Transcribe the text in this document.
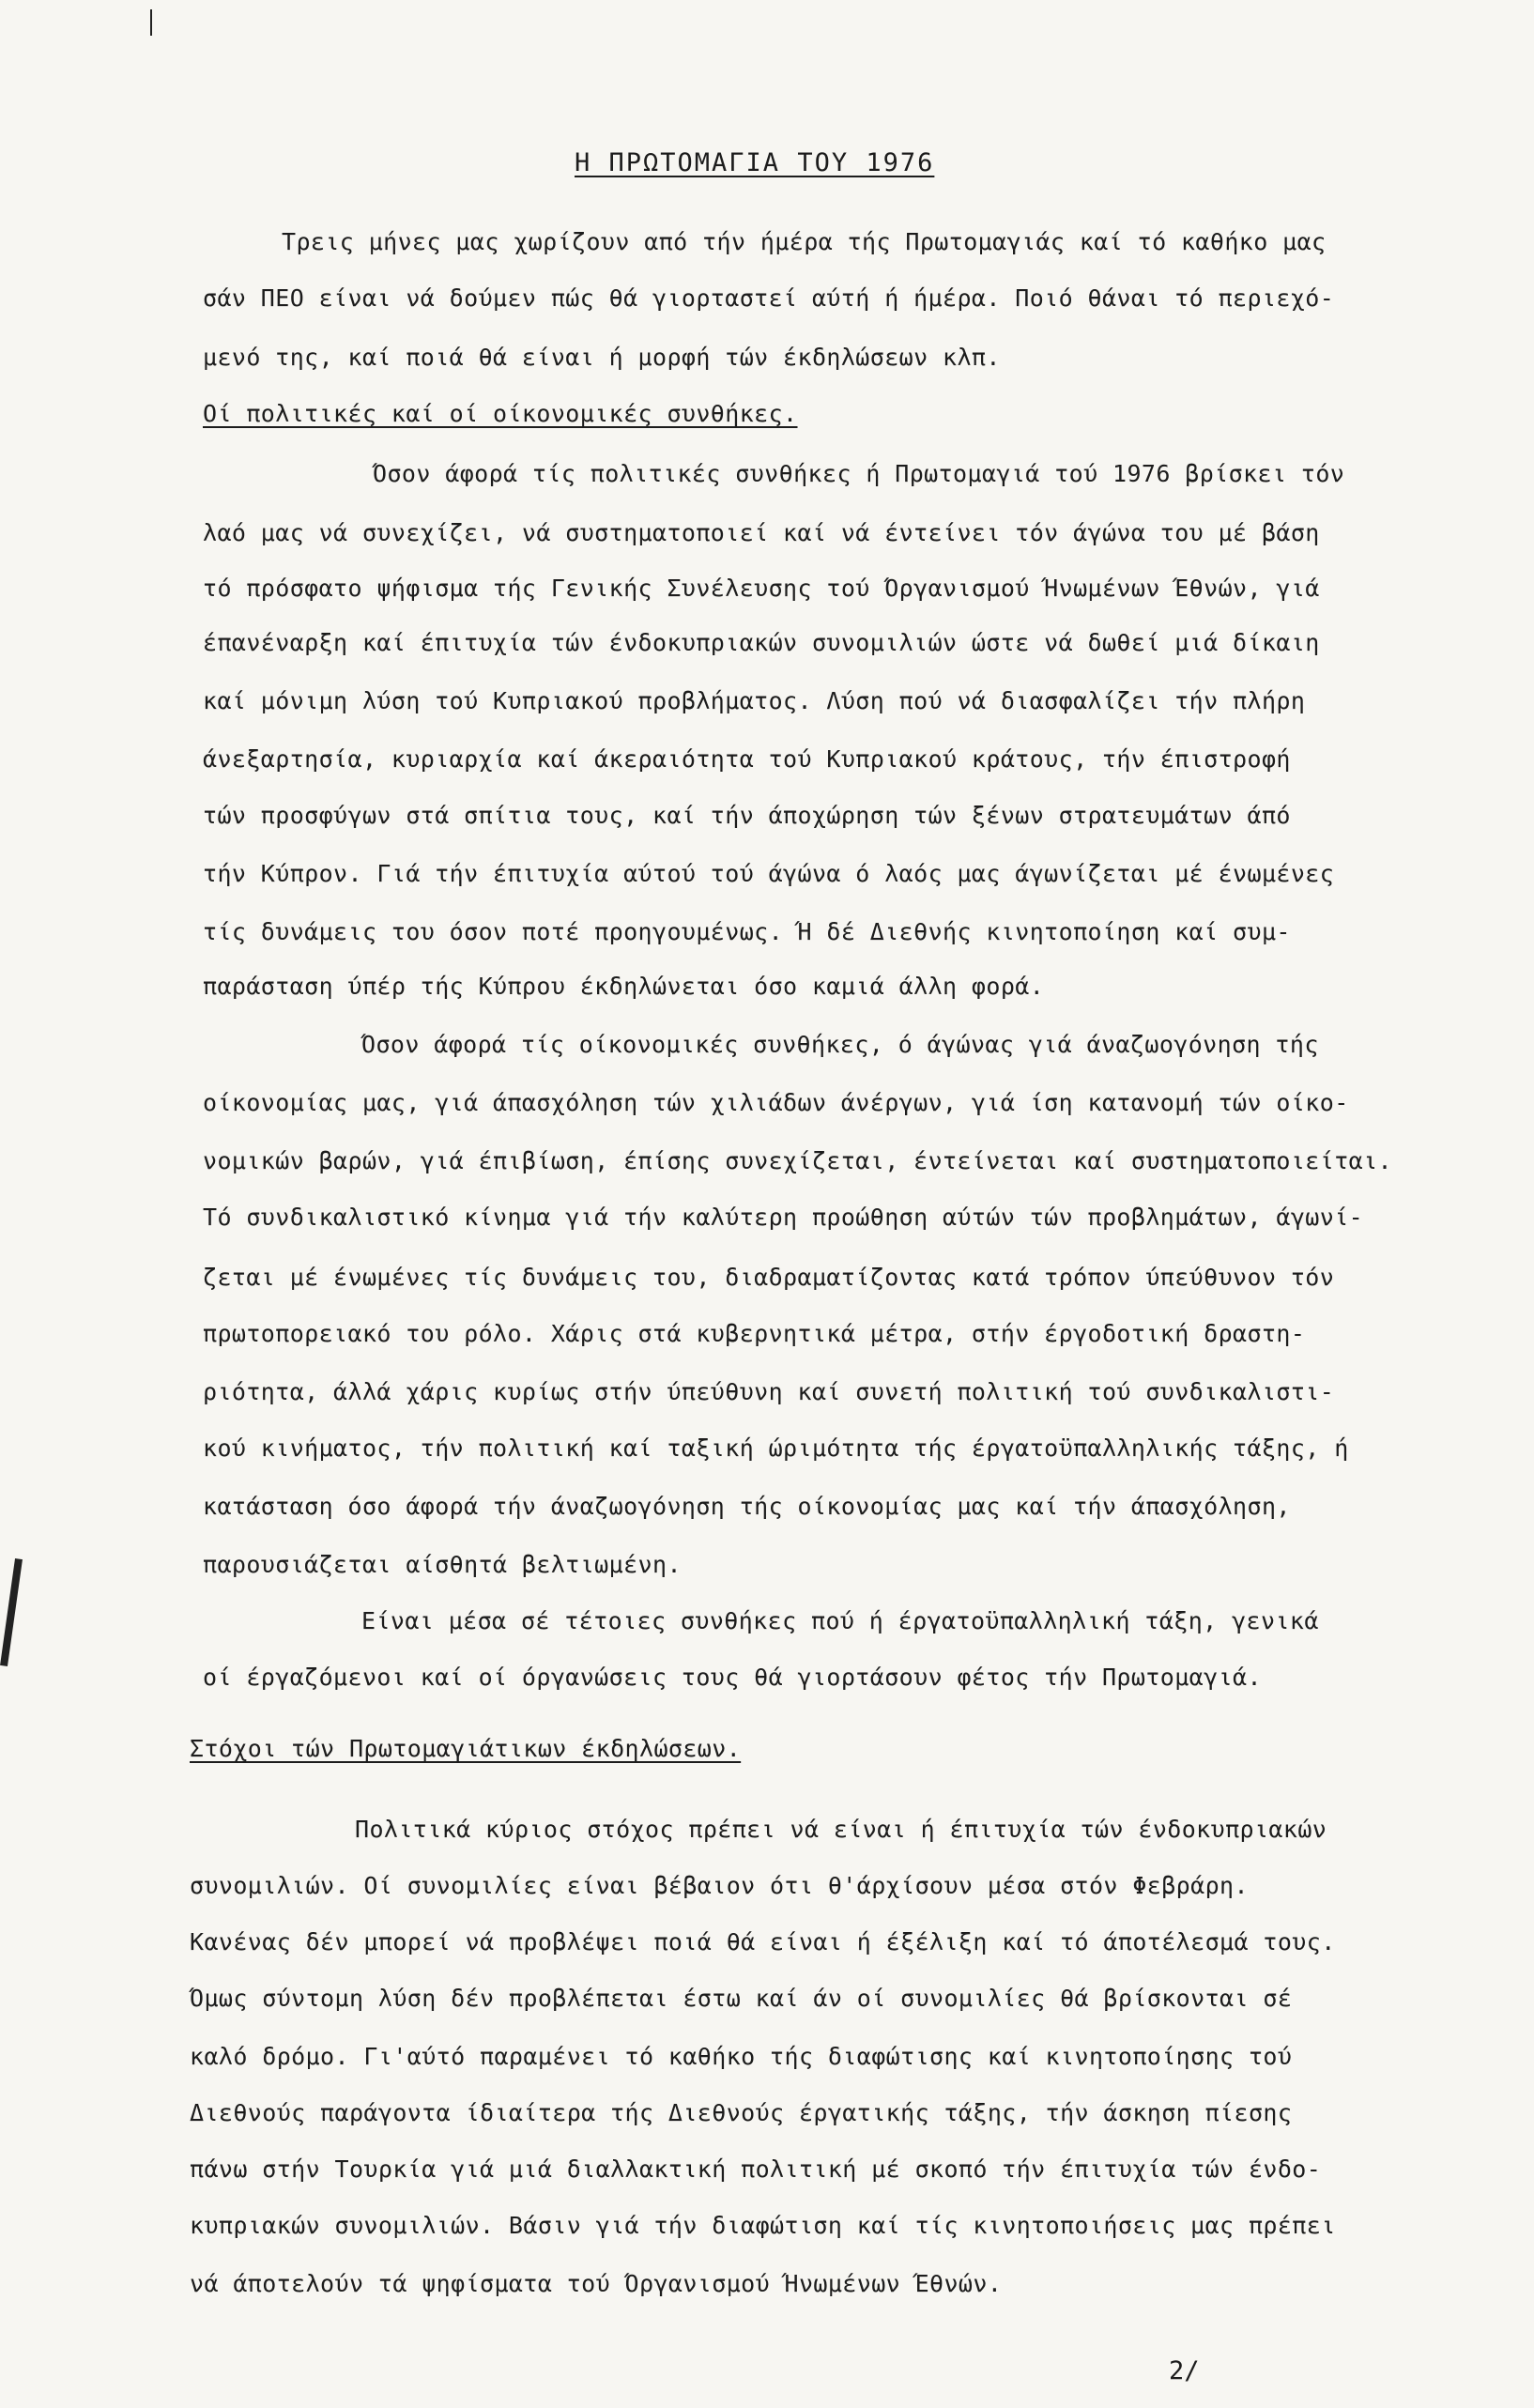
Η ΠΡΩΤΟΜΑΓΙΑ ΤΟΥ 1976
Τρεις μήνες μας χωρίζουν από τήν ήμέρα τής Πρωτομαγιάς καί τό καθήκο μας
σάν ΠΕΟ είναι νά δούμεν πώς θά γιορταστεί αύτή ή ήμέρα. Ποιό θάναι τό περιεχό-
μενό της, καί ποιά θά είναι ή μορφή τών έκδηλώσεων κλπ.
Οί πολιτικές καί οί οίκονομικές συνθήκες.
Όσον άφορά τίς πολιτικές συνθήκες ή Πρωτομαγιά τού 1976 βρίσκει τόν
λαό μας νά συνεχίζει, νά συστηματοποιεί καί νά έντείνει τόν άγώνα του μέ βάση
τό πρόσφατο ψήφισμα τής Γενικής Συνέλευσης τού Όργανισμού Ήνωμένων Έθνών, γιά
έπανέναρξη καί έπιτυχία τών ένδοκυπριακών συνομιλιών ώστε νά δωθεί μιά δίκαιη
καί μόνιμη λύση τού Κυπριακού προβλήματος. Λύση πού νά διασφαλίζει τήν πλήρη
άνεξαρτησία, κυριαρχία καί άκεραιότητα τού Κυπριακού κράτους, τήν έπιστροφή
τών προσφύγων στά σπίτια τους, καί τήν άποχώρηση τών ξένων στρατευμάτων άπό
τήν Κύπρον. Γιά τήν έπιτυχία αύτού τού άγώνα ό λαός μας άγωνίζεται μέ ένωμένες
τίς δυνάμεις του όσον ποτέ προηγουμένως. Ή δέ Διεθνής κινητοποίηση καί συμ-
παράσταση ύπέρ τής Κύπρου έκδηλώνεται όσο καμιά άλλη φορά.
Όσον άφορά τίς οίκονομικές συνθήκες, ό άγώνας γιά άναζωογόνηση τής
οίκονομίας μας, γιά άπασχόληση τών χιλιάδων άνέργων, γιά ίση κατανομή τών οίκο-
νομικών βαρών, γιά έπιβίωση, έπίσης συνεχίζεται, έντείνεται καί συστηματοποιείται.
Τό συνδικαλιστικό κίνημα γιά τήν καλύτερη προώθηση αύτών τών προβλημάτων, άγωνί-
ζεται μέ ένωμένες τίς δυνάμεις του, διαδραματίζοντας κατά τρόπον ύπεύθυνον τόν
πρωτοπορειακό του ρόλο. Χάρις στά κυβερνητικά μέτρα, στήν έργοδοτική δραστη-
ριότητα, άλλά χάρις κυρίως στήν ύπεύθυνη καί συνετή πολιτική τού συνδικαλιστι-
κού κινήματος, τήν πολιτική καί ταξική ώριμότητα τής έργατοϋπαλληλικής τάξης, ή
κατάσταση όσο άφορά τήν άναζωογόνηση τής οίκονομίας μας καί τήν άπασχόληση,
παρουσιάζεται αίσθητά βελτιωμένη.
Είναι μέσα σέ τέτοιες συνθήκες πού ή έργατοϋπαλληλική τάξη, γενικά
οί έργαζόμενοι καί οί όργανώσεις τους θά γιορτάσουν φέτος τήν Πρωτομαγιά.
Στόχοι τών Πρωτομαγιάτικων έκδηλώσεων.
Πολιτικά κύριος στόχος πρέπει νά είναι ή έπιτυχία τών ένδοκυπριακών
συνομιλιών. Οί συνομιλίες είναι βέβαιον ότι θ'άρχίσουν μέσα στόν Φεβράρη.
Κανένας δέν μπορεί νά προβλέψει ποιά θά είναι ή έξέλιξη καί τό άποτέλεσμά τους.
Όμως σύντομη λύση δέν προβλέπεται έστω καί άν οί συνομιλίες θά βρίσκονται σέ
καλό δρόμο. Γι'αύτό παραμένει τό καθήκο τής διαφώτισης καί κινητοποίησης τού
Διεθνούς παράγοντα ίδιαίτερα τής Διεθνούς έργατικής τάξης, τήν άσκηση πίεσης
πάνω στήν Τουρκία γιά μιά διαλλακτική πολιτική μέ σκοπό τήν έπιτυχία τών ένδο-
κυπριακών συνομιλιών. Βάσιν γιά τήν διαφώτιση καί τίς κινητοποιήσεις μας πρέπει
νά άποτελούν τά ψηφίσματα τού Όργανισμού Ήνωμένων Έθνών.
2/
